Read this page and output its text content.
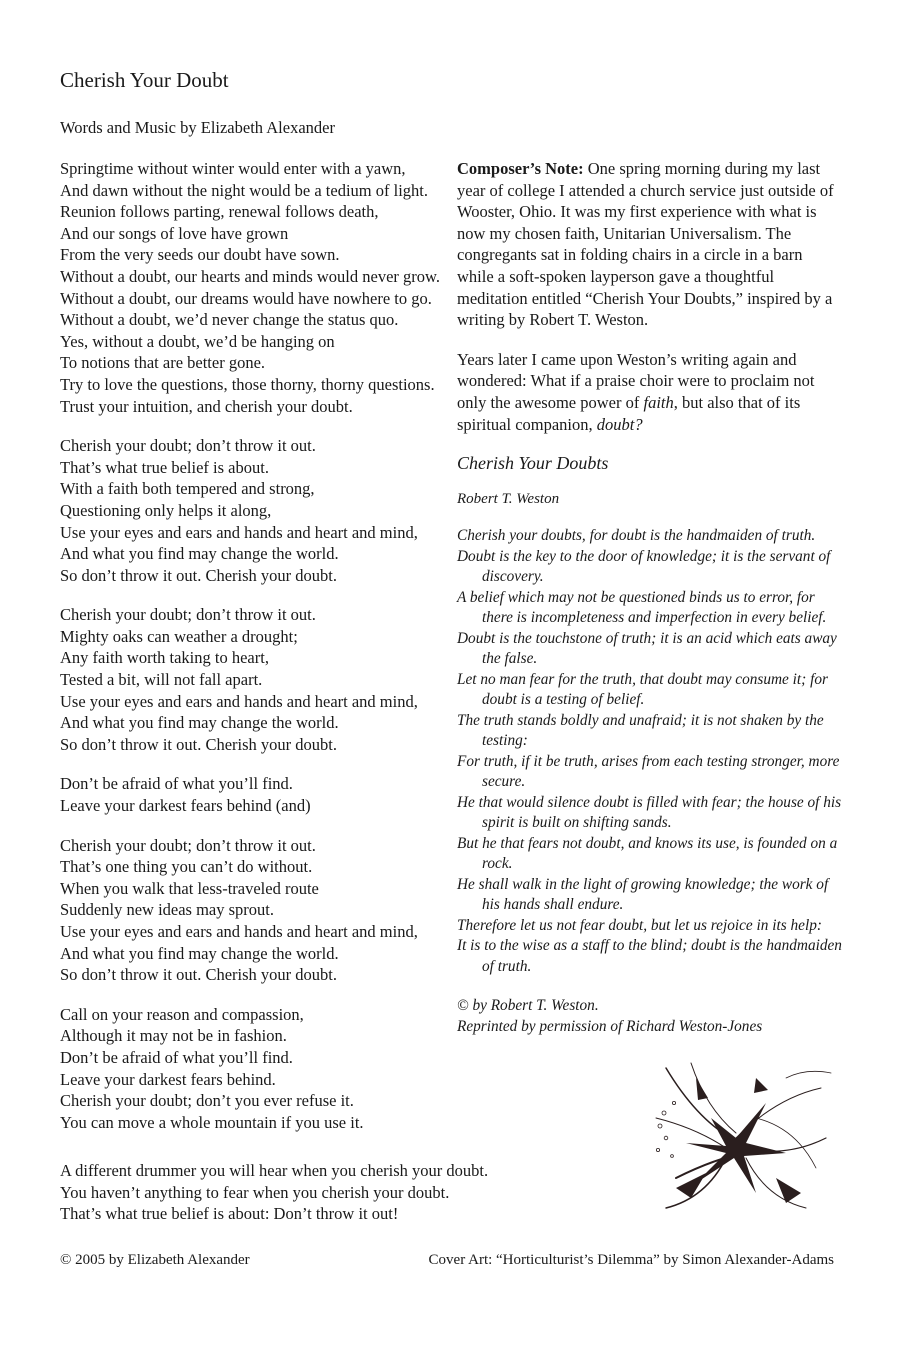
Cherish Your Doubt
Words and Music by Elizabeth Alexander
Springtime without winter would enter with a yawn,
And dawn without the night would be a tedium of light.
Reunion follows parting, renewal follows death,
And our songs of love have grown
From the very seeds our doubt have sown.
Without a doubt, our hearts and minds would never grow.
Without a doubt, our dreams would have nowhere to go.
Without a doubt, we’d never change the status quo.
Yes, without a doubt, we’d be hanging on
To notions that are better gone.
Try to love the questions, those thorny, thorny questions.
Trust your intuition, and cherish your doubt.
Cherish your doubt; don’t throw it out.
That’s what true belief is about.
With a faith both tempered and strong,
Questioning only helps it along,
Use your eyes and ears and hands and heart and mind,
And what you find may change the world.
So don’t throw it out. Cherish your doubt.
Cherish your doubt; don’t throw it out.
Mighty oaks can weather a drought;
Any faith worth taking to heart,
Tested a bit, will not fall apart.
Use your eyes and ears and hands and heart and mind,
And what you find may change the world.
So don’t throw it out. Cherish your doubt.
Don’t be afraid of what you’ll find.
Leave your darkest fears behind (and)
Cherish your doubt; don’t throw it out.
That’s one thing you can’t do without.
When you walk that less-traveled route
Suddenly new ideas may sprout.
Use your eyes and ears and hands and heart and mind,
And what you find may change the world.
So don’t throw it out. Cherish your doubt.
Call on your reason and compassion,
Although it may not be in fashion.
Don’t be afraid of what you’ll find.
Leave your darkest fears behind.
Cherish your doubt; don’t you ever refuse it.
You can move a whole mountain if you use it.

Composer’s Note: One spring morning during my last year of college I attended a church service just outside of Wooster, Ohio. It was my first experience with what is now my chosen faith, Unitarian Universalism. The congregants sat in folding chairs in a circle in a barn while a soft-spoken layperson gave a thoughtful meditation entitled “Cherish Your Doubts,” inspired by a writing by Robert T. Weston.

Years later I came upon Weston’s writing again and wondered: What if a praise choir were to proclaim not only the awesome power of faith, but also that of its spiritual companion, doubt?

Cherish Your Doubts
Robert T. Weston
Cherish your doubts, for doubt is the handmaiden of truth.
Doubt is the key to the door of knowledge; it is the servant of discovery.
A belief which may not be questioned binds us to error, for there is incompleteness and imperfection in every belief.
Doubt is the touchstone of truth; it is an acid which eats away the false.
Let no man fear for the truth, that doubt may consume it; for doubt is a testing of belief.
The truth stands boldly and unafraid; it is not shaken by the testing:
For truth, if it be truth, arises from each testing stronger, more secure.
He that would silence doubt is filled with fear; the house of his spirit is built on shifting sands.
But he that fears not doubt, and knows its use, is founded on a rock.
He shall walk in the light of growing knowledge; the work of his hands shall endure.
Therefore let us not fear doubt, but let us rejoice in its help:
It is to the wise as a staff to the blind; doubt is the handmaiden of truth.
© by Robert T. Weston.
Reprinted by permission of Richard Weston-Jones
A different drummer you will hear when you cherish your doubt.
You haven’t anything to fear when you cherish your doubt.
That’s what true belief is about: Don’t throw it out!
© 2005 by Elizabeth Alexander	Cover Art: “Horticulturist’s Dilemma” by Simon Alexander-Adams
